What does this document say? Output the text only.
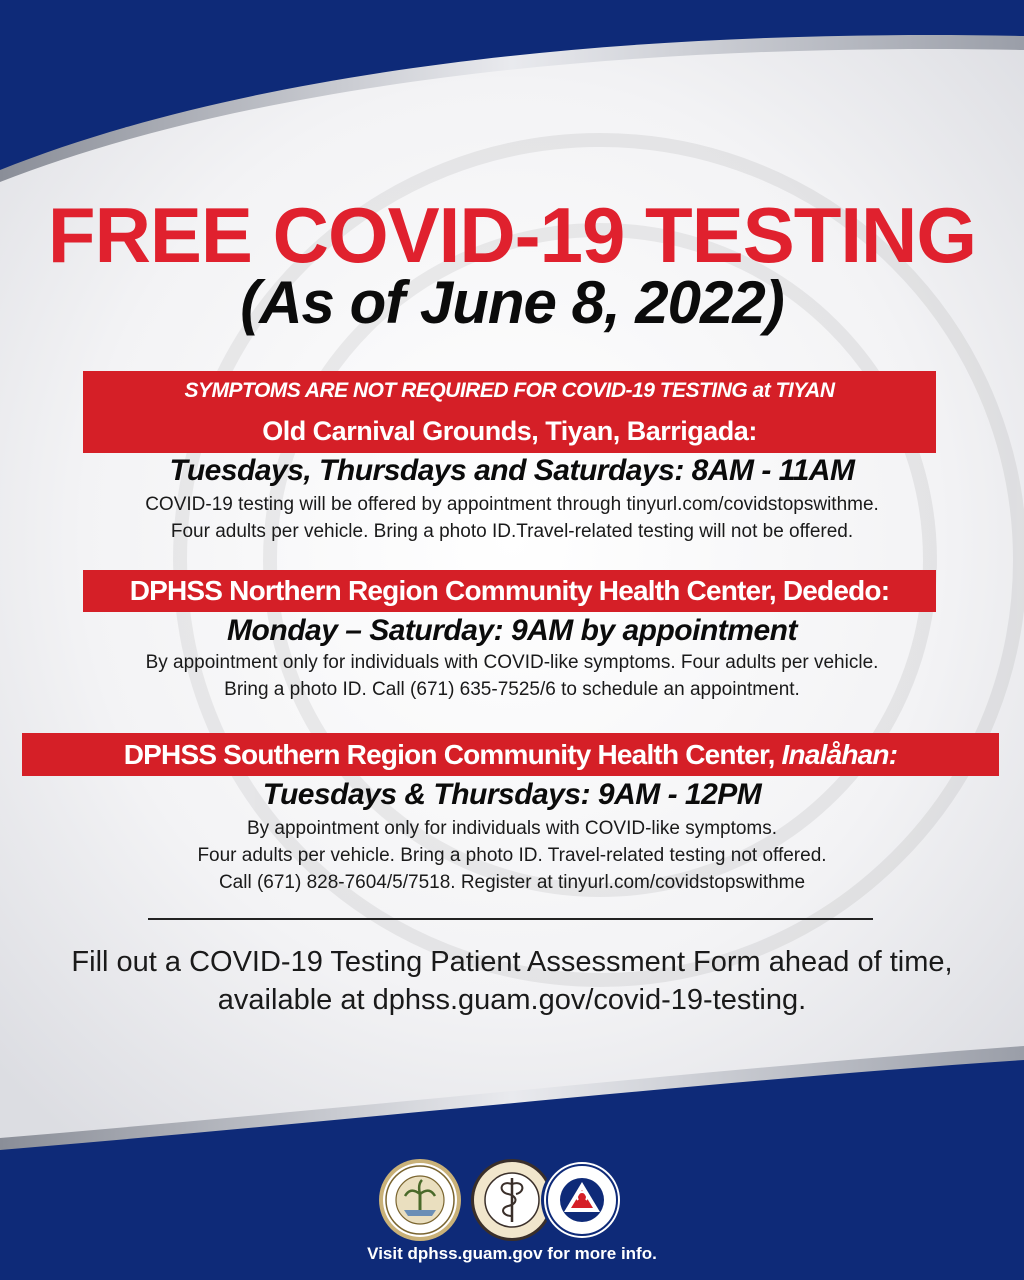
FREE COVID-19 TESTING
(As of June 8, 2022)
SYMPTOMS ARE NOT REQUIRED FOR COVID-19 TESTING at TIYAN
Old Carnival Grounds, Tiyan, Barrigada:
Tuesdays, Thursdays and Saturdays: 8AM - 11AM
COVID-19 testing will be offered by appointment through tinyurl.com/covidstopswithme.
Four adults per vehicle. Bring a photo ID.Travel-related testing will not be offered.
DPHSS Northern Region Community Health Center, Dededo:
Monday – Saturday: 9AM by appointment
By appointment only for individuals with COVID-like symptoms. Four adults per vehicle.
Bring a photo ID. Call (671) 635-7525/6 to schedule an appointment.
DPHSS Southern Region Community Health Center, Inalåhan:
Tuesdays & Thursdays: 9AM - 12PM
By appointment only for individuals with COVID-like symptoms.
Four adults per vehicle. Bring a photo ID. Travel-related testing not offered.
Call (671) 828-7604/5/7518. Register at tinyurl.com/covidstopswithme
Fill out a COVID-19 Testing Patient Assessment Form ahead of time,
available at dphss.guam.gov/covid-19-testing.
Visit dphss.guam.gov for more info.
